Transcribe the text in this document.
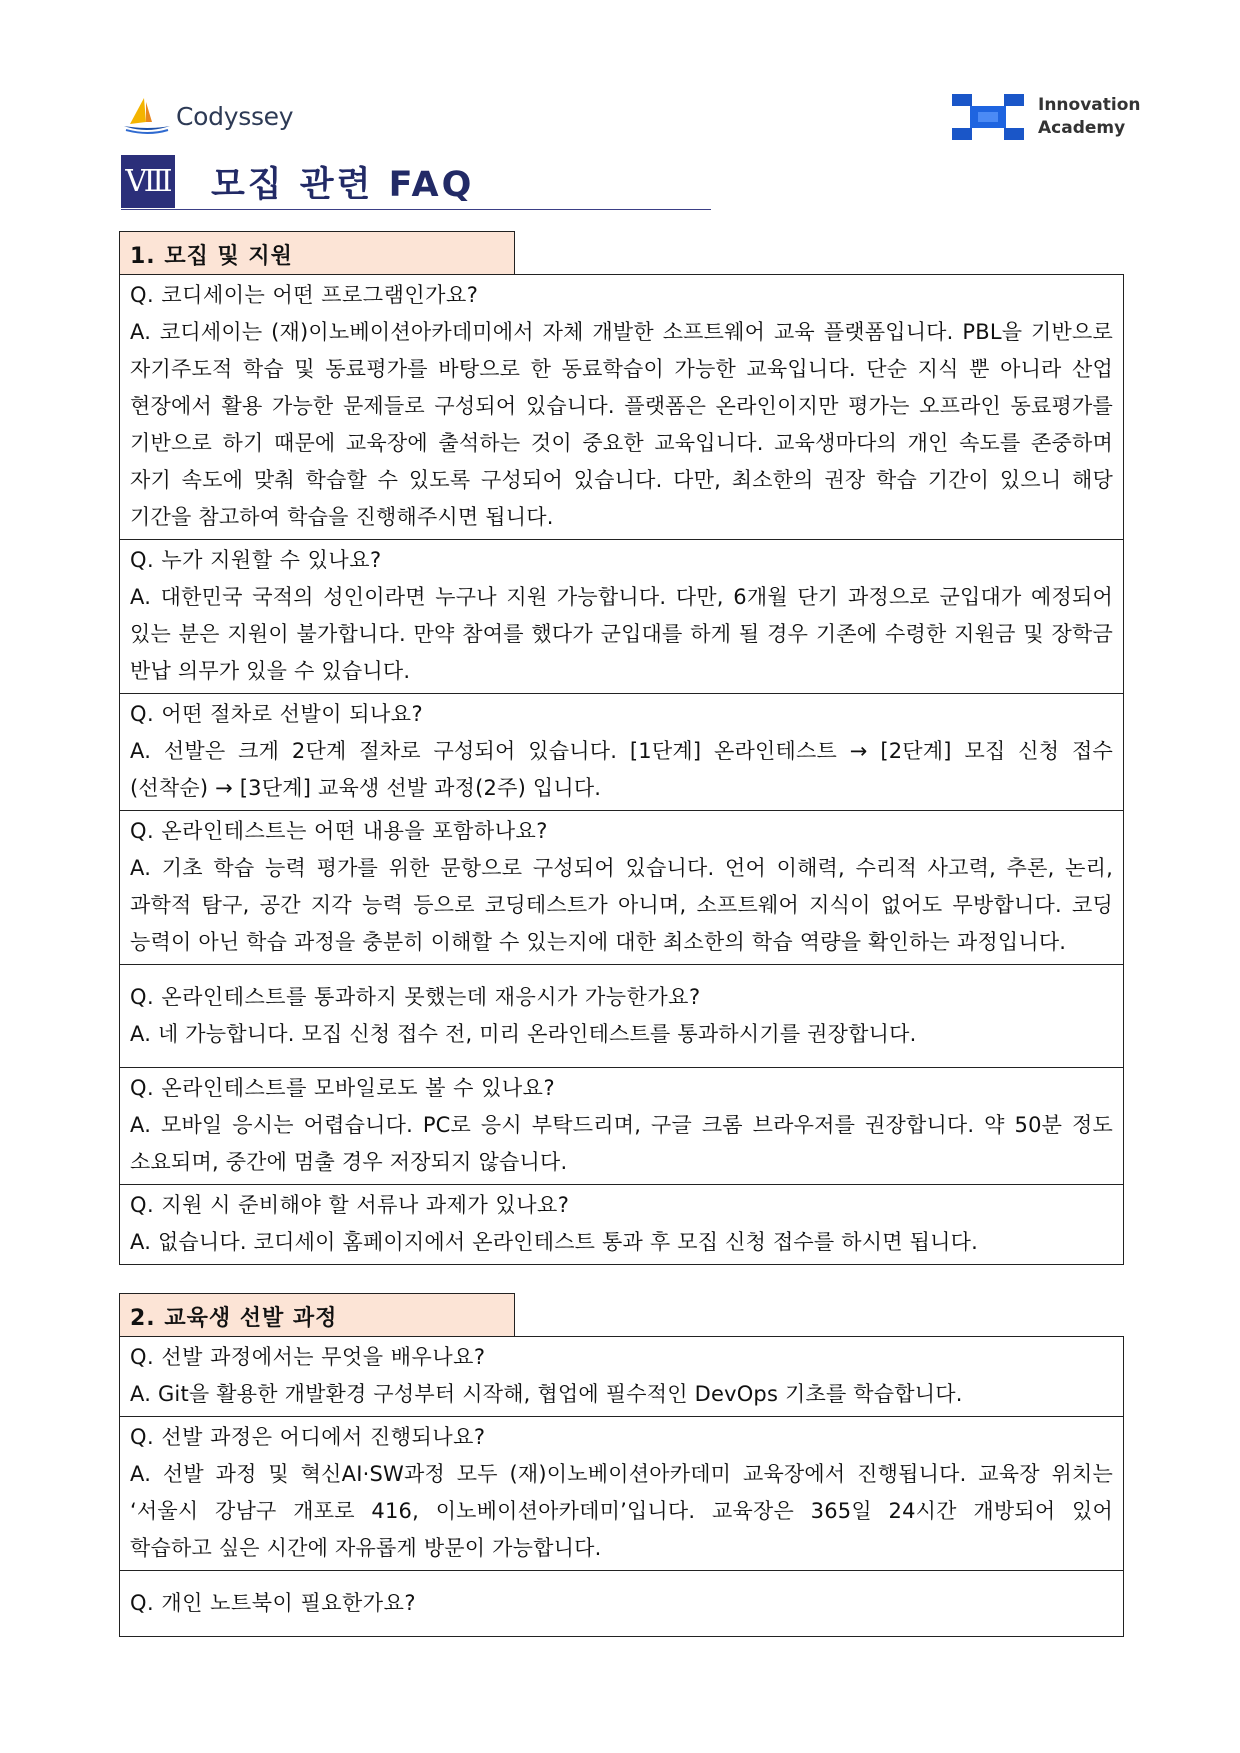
Codyssey	Innovation
Academy
Ⅷ 모집 관련 FAQ
1. 모집 및 지원

Q. 코디세이는 어떤 프로그램인가요?

A. 코디세이는 (재)이노베이션아카데미에서 자체 개발한 소프트웨어 교육 플랫폼입니다. PBL을 기반으로 자기주도적 학습 및 동료평가를 바탕으로 한 동료학습이 가능한 교육입니다. 단순 지식 뿐 아니라 산업 현장에서 활용 가능한 문제들로 구성되어 있습니다. 플랫폼은 온라인이지만 평가는 오프라인 동료평가를 기반으로 하기 때문에 교육장에 출석하는 것이 중요한 교육입니다. 교육생마다의 개인 속도를 존중하며 자기 속도에 맞춰 학습할 수 있도록 구성되어 있습니다. 다만, 최소한의 권장 학습 기간이 있으니 해당 기간을 참고하여 학습을 진행해주시면 됩니다.

Q. 누가 지원할 수 있나요?

A. 대한민국 국적의 성인이라면 누구나 지원 가능합니다. 다만, 6개월 단기 과정으로 군입대가 예정되어 있는 분은 지원이 불가합니다. 만약 참여를 했다가 군입대를 하게 될 경우 기존에 수령한 지원금 및 장학금 반납 의무가 있을 수 있습니다.

Q. 어떤 절차로 선발이 되나요?

A. 선발은 크게 2단계 절차로 구성되어 있습니다. [1단계] 온라인테스트 → [2단계] 모집 신청 접수(선착순) → [3단계] 교육생 선발 과정(2주) 입니다.

Q. 온라인테스트는 어떤 내용을 포함하나요?

A. 기초 학습 능력 평가를 위한 문항으로 구성되어 있습니다. 언어 이해력, 수리적 사고력, 추론, 논리, 과학적 탐구, 공간 지각 능력 등으로 코딩테스트가 아니며, 소프트웨어 지식이 없어도 무방합니다. 코딩 능력이 아닌 학습 과정을 충분히 이해할 수 있는지에 대한 최소한의 학습 역량을 확인하는 과정입니다.

Q. 온라인테스트를 통과하지 못했는데 재응시가 가능한가요?

A. 네 가능합니다. 모집 신청 접수 전, 미리 온라인테스트를 통과하시기를 권장합니다.

Q. 온라인테스트를 모바일로도 볼 수 있나요?

A. 모바일 응시는 어렵습니다. PC로 응시 부탁드리며, 구글 크롬 브라우저를 권장합니다. 약 50분 정도 소요되며, 중간에 멈출 경우 저장되지 않습니다.

Q. 지원 시 준비해야 할 서류나 과제가 있나요?

A. 없습니다. 코디세이 홈페이지에서 온라인테스트 통과 후 모집 신청 접수를 하시면 됩니다.

2. 교육생 선발 과정

Q. 선발 과정에서는 무엇을 배우나요?

A. Git을 활용한 개발환경 구성부터 시작해, 협업에 필수적인 DevOps 기초를 학습합니다.

Q. 선발 과정은 어디에서 진행되나요?

A. 선발 과정 및 혁신AI·SW과정 모두 (재)이노베이션아카데미 교육장에서 진행됩니다. 교육장 위치는 ‘서울시 강남구 개포로 416, 이노베이션아카데미’입니다. 교육장은 365일 24시간 개방되어 있어 학습하고 싶은 시간에 자유롭게 방문이 가능합니다.

Q. 개인 노트북이 필요한가요?
